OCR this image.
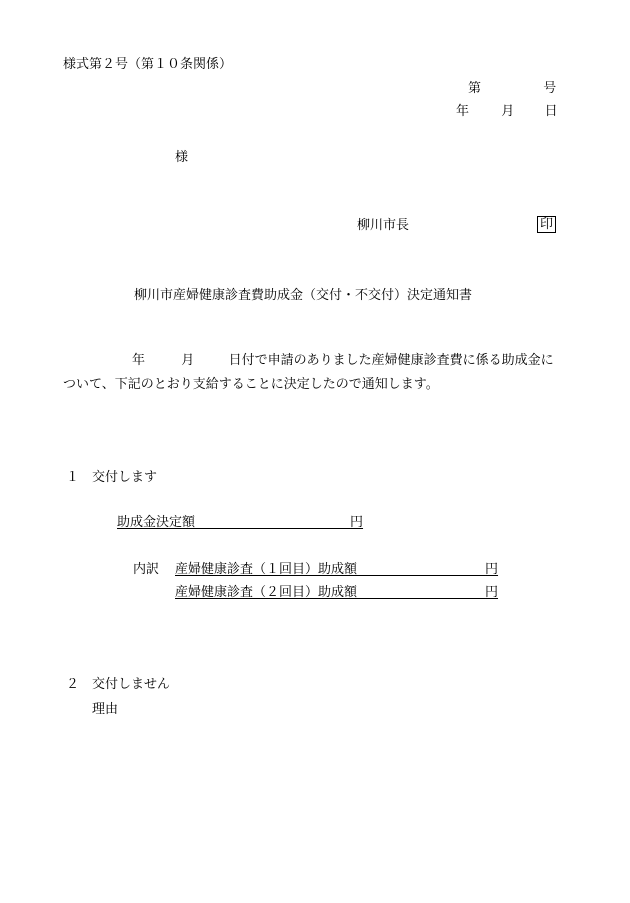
様式第２号（第１０条関係）
第	号
年 月 日
様
柳川市長	印
柳川市産婦健康診査費助成金（交付・不交付）決定通知書
年	月	日付で申請のありました産婦健康診査費に係る助成金に
ついて、下記のとおり支給することに決定したので通知します。
１　交付します
助成金決定額	円
内訳 産婦健康診査（１回目）助成額	円
産婦健康診査（２回目）助成額	円
２　交付しません
理由
